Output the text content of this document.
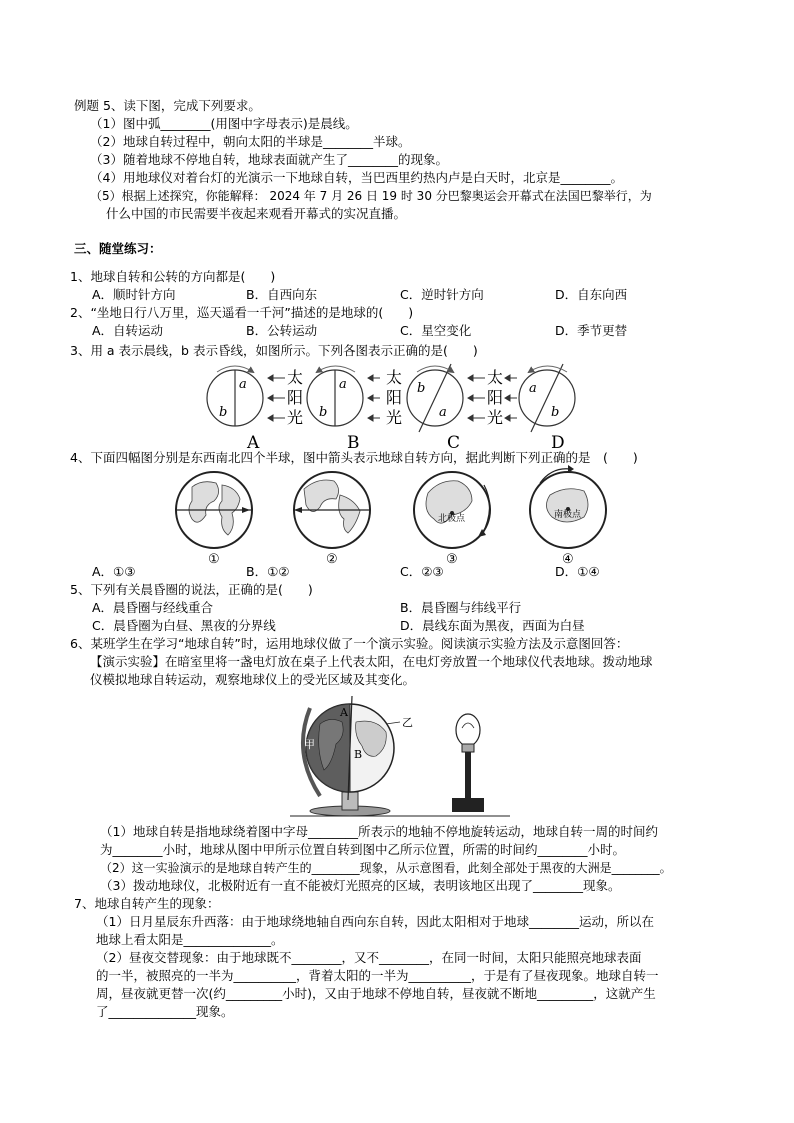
例题 5、读下图，完成下列要求。
（1）图中弧________(用图中字母表示)是晨线。
（2）地球自转过程中，朝向太阳的半球是________半球。
（3）随着地球不停地自转，地球表面就产生了________的现象。
（4）用地球仪对着台灯的光演示一下地球自转，当巴西里约热内卢是白天时，北京是________。
（5）根据上述探究，你能解释： 2024 年 7 月 26 日 19 时 30 分巴黎奥运会开幕式在法国巴黎举行，为
什么中国的市民需要半夜起来观看开幕式的实况直播。
三、随堂练习：
1、地球自转和公转的方向都是(　　)
A．顺时针方向	B．自西向东	C．逆时针方向	D．自东向西
2、“坐地日行八万里，巡天遥看一千河”描述的是地球的(　　)
A．自转运动	B．公转运动	C．星空变化	D．季节更替
3、用 a 表示晨线，b 表示昏线，如图所示。下列各图表示正确的是(　　)
a
b
a
b
b
a
a
b
太
阳
光
太
阳
光
太
阳
光
A	B	C	D
4、下面四幅图分别是东西南北四个半球，图中箭头表示地球自转方向，据此判断下列正确的是　(　　)
①	②
北极点
③
南极点
④
A．①③	B．①②	C．②③	D．①④
5、下列有关晨昏圈的说法，正确的是(　　)
A．晨昏圈与经线重合	B．晨昏圈与纬线平行
C．晨昏圈为白昼、黑夜的分界线	D．晨线东面为黑夜，西面为白昼
6、某班学生在学习“地球自转”时，运用地球仪做了一个演示实验。阅读演示实验方法及示意图回答：
【演示实验】在暗室里将一盏电灯放在桌子上代表太阳，在电灯旁放置一个地球仪代表地球。拨动地球
仪模拟地球自转运动，观察地球仪上的受光区域及其变化。
A
B
甲
乙
（1）地球自转是指地球绕着图中字母________所表示的地轴不停地旋转运动，地球自转一周的时间约
为________小时，地球从图中甲所示位置自转到图中乙所示位置，所需的时间约________小时。
（2）这一实验演示的是地球自转产生的________现象，从示意图看，此刻全部处于黑夜的大洲是________。
（3）拨动地球仪，北极附近有一直不能被灯光照亮的区域，表明该地区出现了________现象。
7、地球自转产生的现象：
（1）日月星辰东升西落：由于地球绕地轴自西向东自转，因此太阳相对于地球________运动，所以在
地球上看太阳是______________。
（2）昼夜交替现象：由于地球既不________，又不________，在同一时间，太阳只能照亮地球表面
的一半，被照亮的一半为__________，背着太阳的一半为__________，于是有了昼夜现象。地球自转一
周，昼夜就更替一次(约_________小时)，又由于地球不停地自转，昼夜就不断地_________，这就产生
了______________现象。
